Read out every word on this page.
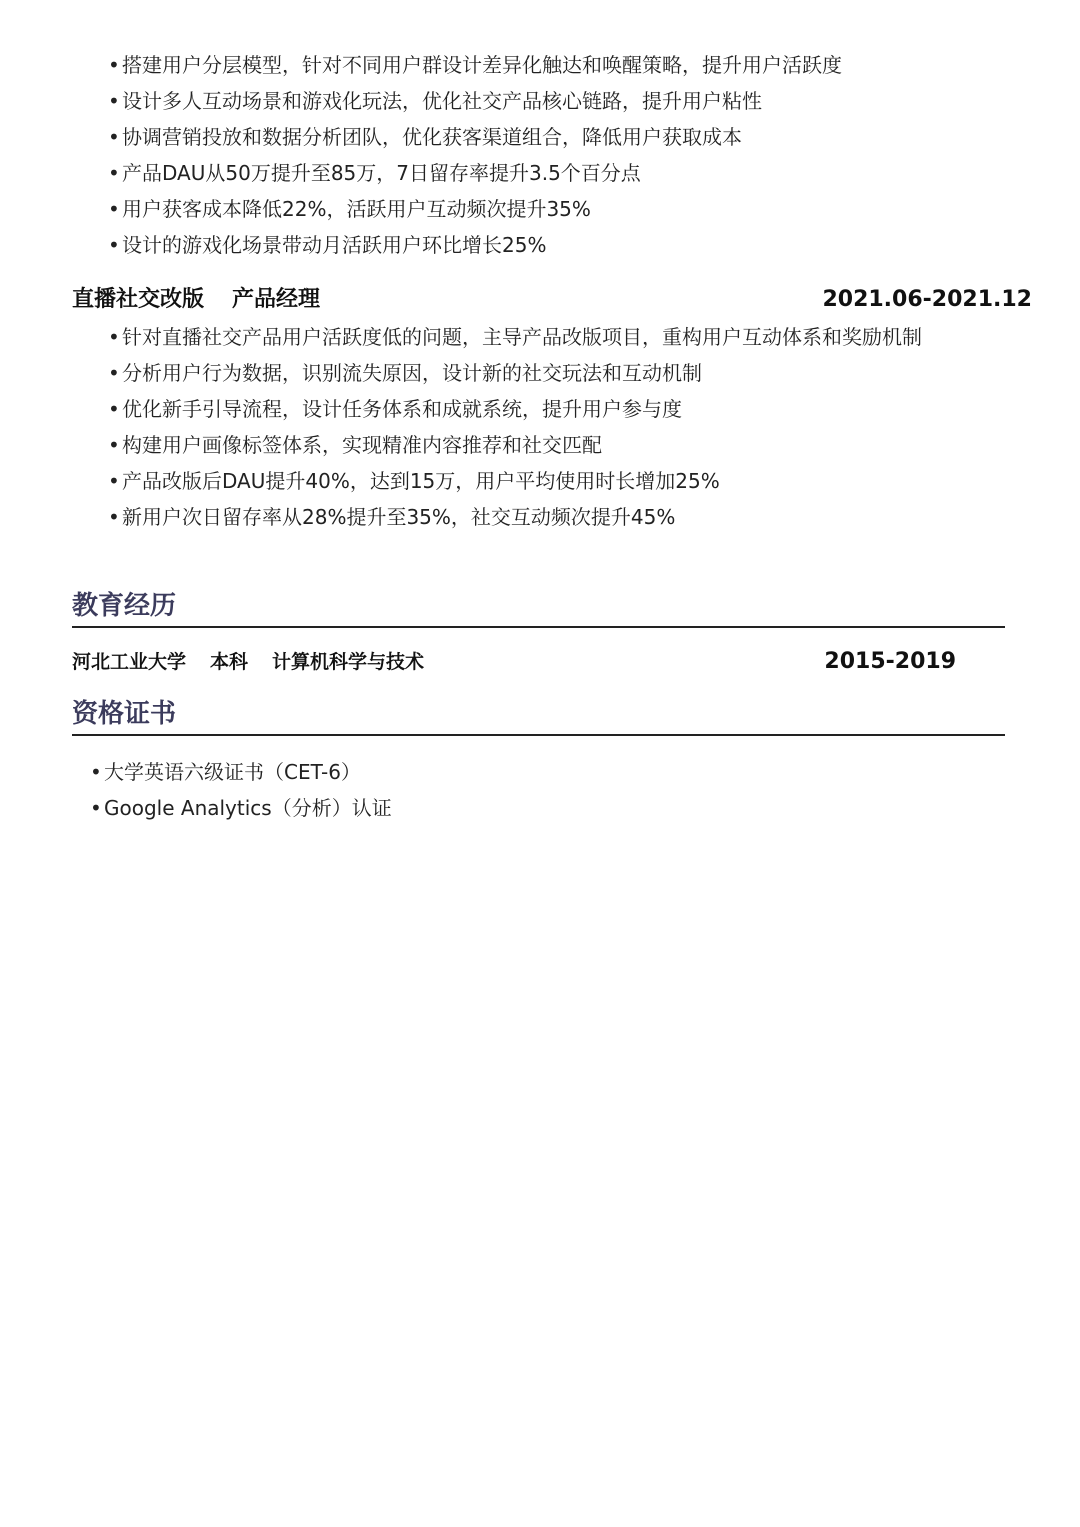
• 搭建用户分层模型，针对不同用户群设计差异化触达和唤醒策略，提升用户活跃度
• 设计多人互动场景和游戏化玩法，优化社交产品核心链路，提升用户粘性
• 协调营销投放和数据分析团队，优化获客渠道组合，降低用户获取成本
• 产品DAU从50万提升至85万，7日留存率提升3.5个百分点
• 用户获客成本降低22%，活跃用户互动频次提升35%
• 设计的游戏化场景带动月活跃用户环比增长25%
直播社交改版 产品经理	2021.06-2021.12
• 针对直播社交产品用户活跃度低的问题，主导产品改版项目，重构用户互动体系和奖励机制
• 分析用户行为数据，识别流失原因，设计新的社交玩法和互动机制
• 优化新手引导流程，设计任务体系和成就系统，提升用户参与度
• 构建用户画像标签体系，实现精准内容推荐和社交匹配
• 产品改版后DAU提升40%，达到15万，用户平均使用时长增加25%
• 新用户次日留存率从28%提升至35%，社交互动频次提升45%
教育经历
河北工业大学 本科 计算机科学与技术	2015-2019
资格证书
• 大学英语六级证书（CET-6）
• Google Analytics（分析）认证
